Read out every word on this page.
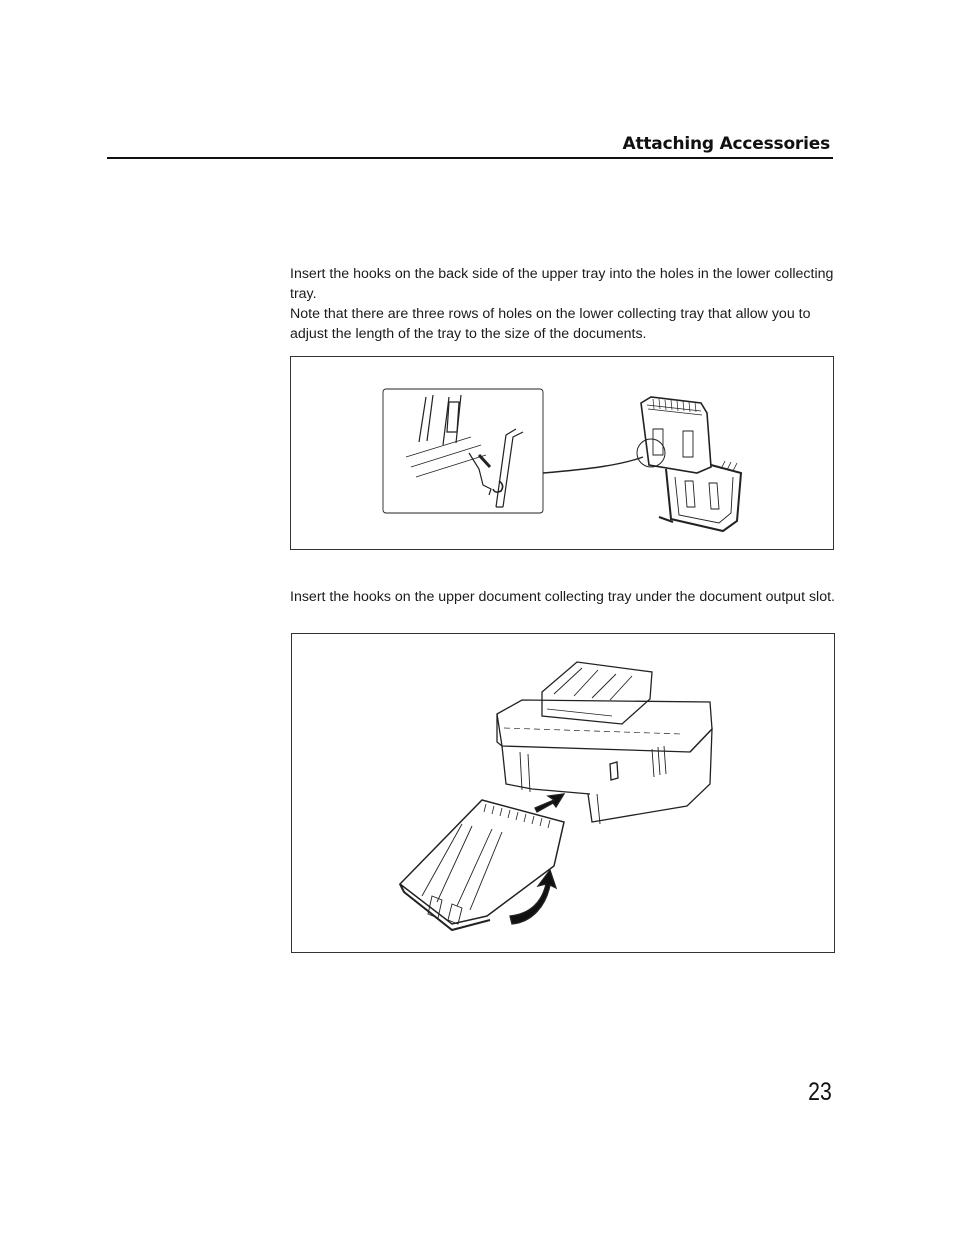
Attaching Accessories

Insert the hooks on the back side of the upper tray into the holes in the lower collecting tray.

Note that there are three rows of holes on the lower collecting tray that allow you to adjust the length of the tray to the size of the documents.

Insert the hooks on the upper document collecting tray under the document output slot.

23
